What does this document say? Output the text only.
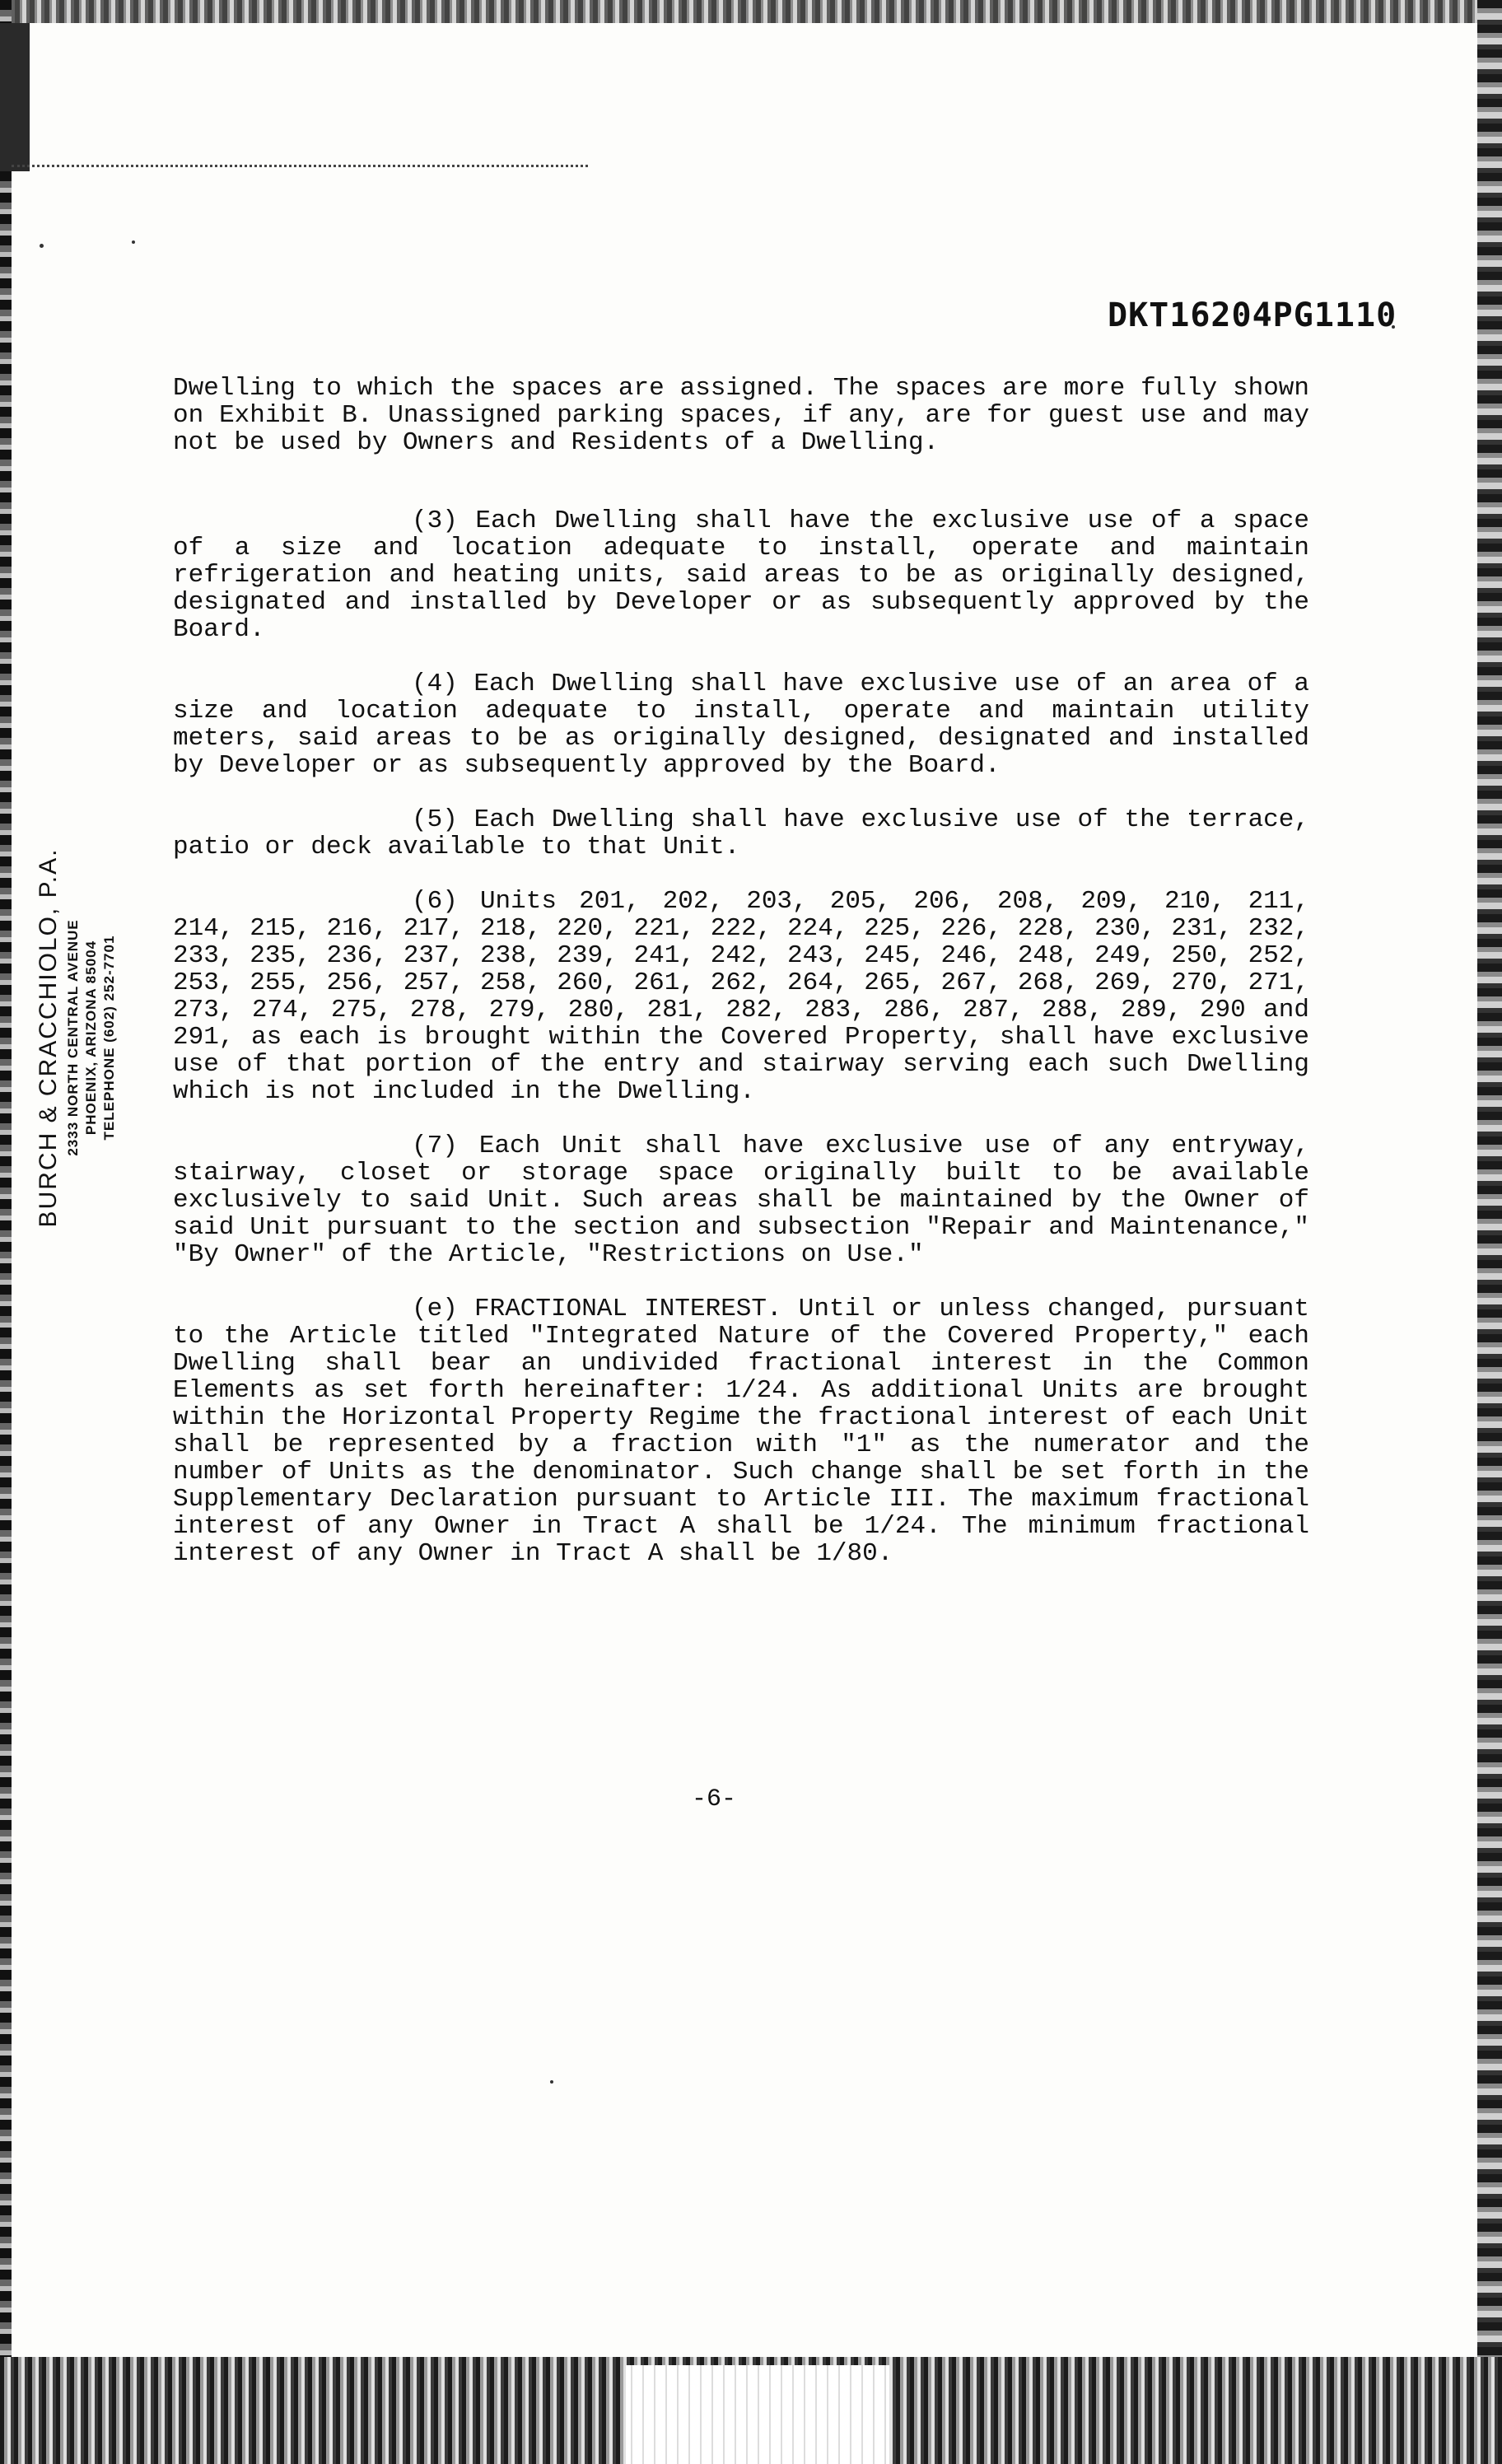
DKT16204PG1110
BURCH & CRACCHIOLO, P.A. 2333 NORTH CENTRAL AVENUE PHOENIX, ARIZONA 85004 TELEPHONE (602) 252-7701

Dwelling to which the spaces are assigned. The spaces are more fully shown on Exhibit B. Unassigned parking spaces, if any, are for guest use and may not be used by Owners and Residents of a Dwelling.

(3) Each Dwelling shall have the exclusive use of a space of a size and location adequate to install, operate and maintain refrigeration and heating units, said areas to be as originally designed, designated and installed by Developer or as subsequently approved by the Board.

(4) Each Dwelling shall have exclusive use of an area of a size and location adequate to install, operate and maintain utility meters, said areas to be as originally designed, designated and installed by Developer or as subsequently approved by the Board.

(5) Each Dwelling shall have exclusive use of the terrace, patio or deck available to that Unit.

(6) Units 201, 202, 203, 205, 206, 208, 209, 210, 211, 214, 215, 216, 217, 218, 220, 221, 222, 224, 225, 226, 228, 230, 231, 232, 233, 235, 236, 237, 238, 239, 241, 242, 243, 245, 246, 248, 249, 250, 252, 253, 255, 256, 257, 258, 260, 261, 262, 264, 265, 267, 268, 269, 270, 271, 273, 274, 275, 278, 279, 280, 281, 282, 283, 286, 287, 288, 289, 290 and 291, as each is brought within the Covered Property, shall have exclusive use of that portion of the entry and stairway serving each such Dwelling which is not included in the Dwelling.

(7) Each Unit shall have exclusive use of any entryway, stairway, closet or storage space originally built to be available exclusively to said Unit. Such areas shall be maintained by the Owner of said Unit pursuant to the section and subsection "Repair and Maintenance," "By Owner" of the Article, "Restrictions on Use."

(e) FRACTIONAL INTEREST. Until or unless changed, pursuant to the Article titled "Integrated Nature of the Covered Property," each Dwelling shall bear an undivided fractional interest in the Common Elements as set forth hereinafter: 1/24. As additional Units are brought within the Horizontal Property Regime the fractional interest of each Unit shall be represented by a fraction with "1" as the numerator and the number of Units as the denominator. Such change shall be set forth in the Supplementary Declaration pursuant to Article III. The maximum fractional interest of any Owner in Tract A shall be 1/24. The minimum fractional interest of any Owner in Tract A shall be 1/80.

-6-
